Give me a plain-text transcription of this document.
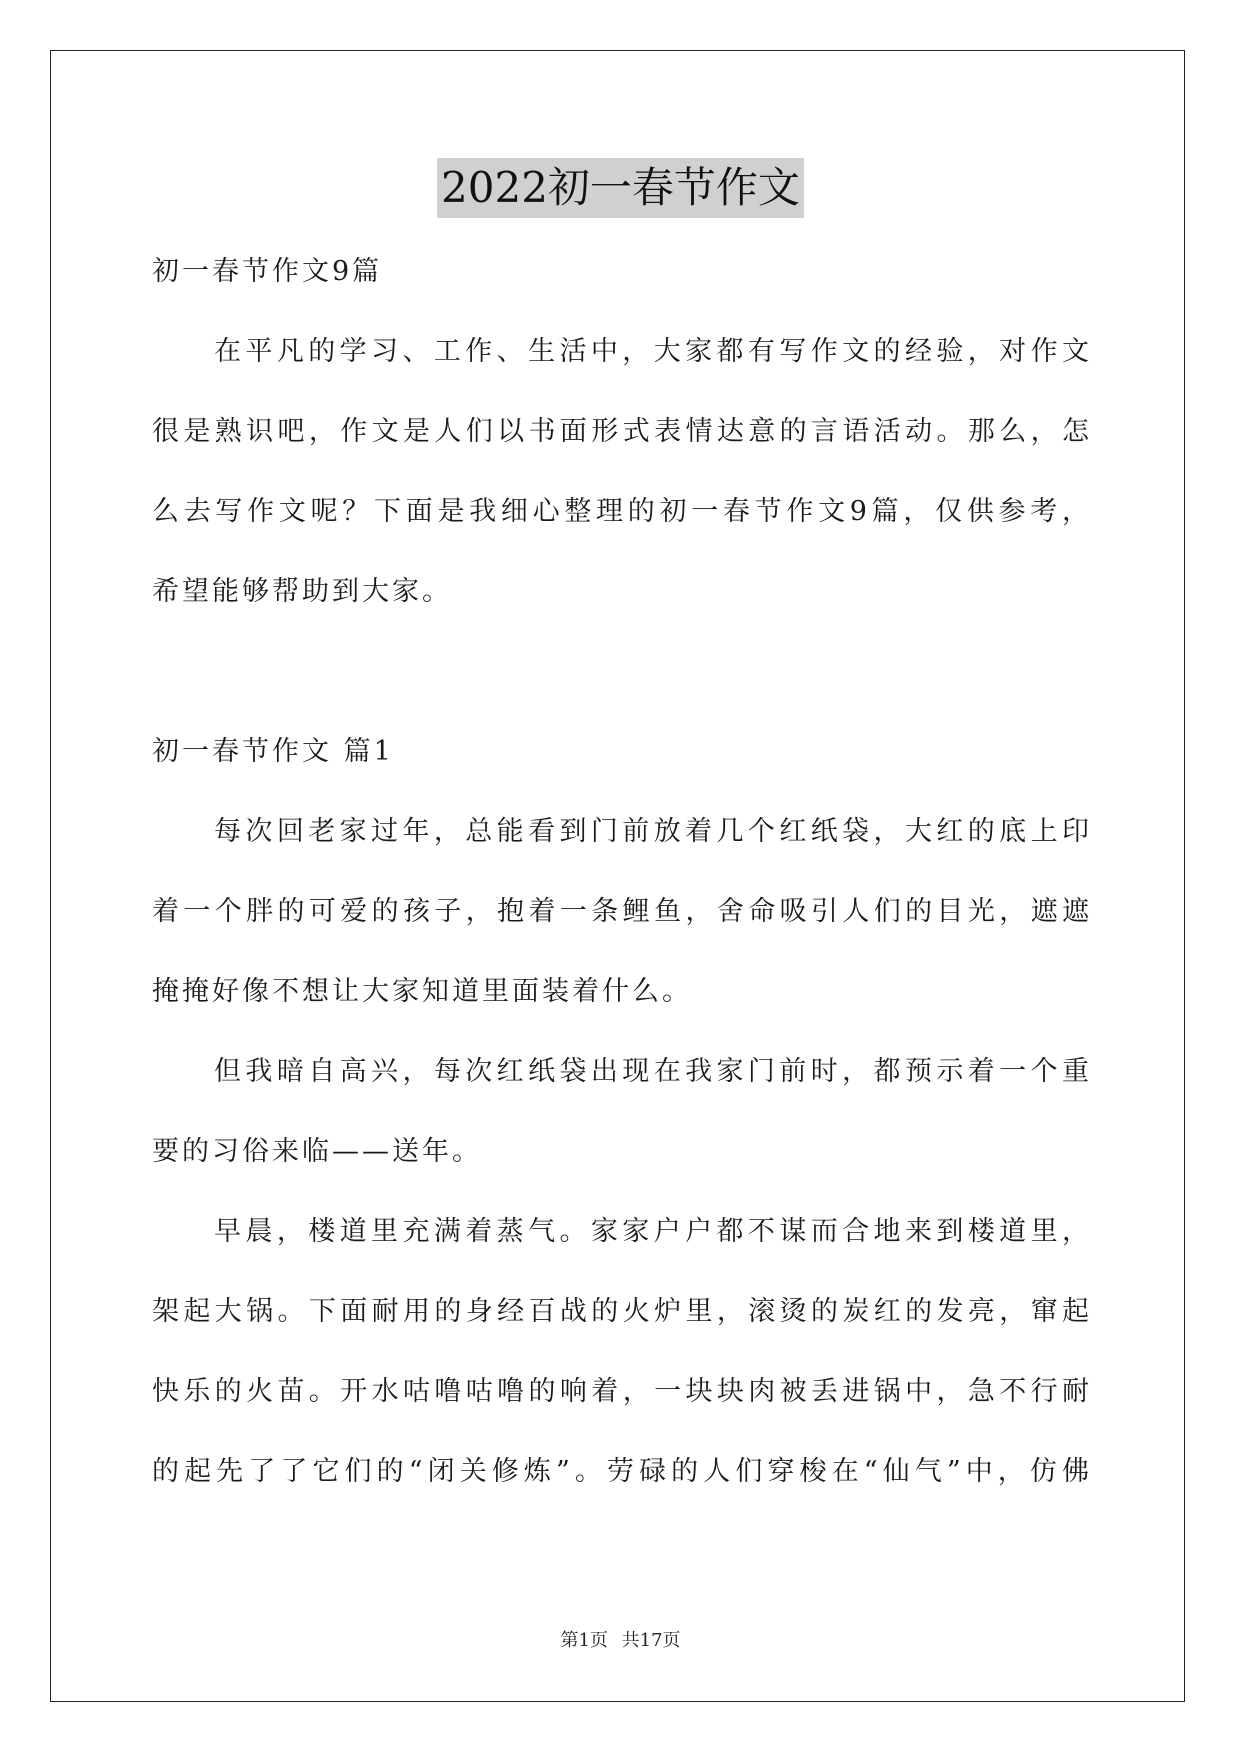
2022初一春节作文
初一春节作文9篇
在平凡的学习、工作、生活中，大家都有写作文的经验，对作文
很是熟识吧，作文是人们以书面形式表情达意的言语活动。那么，怎
么去写作文呢？下面是我细心整理的初一春节作文9篇，仅供参考，
希望能够帮助到大家。
初一春节作文 篇1
每次回老家过年，总能看到门前放着几个红纸袋，大红的底上印
着一个胖的可爱的孩子，抱着一条鲤鱼，舍命吸引人们的目光，遮遮
掩掩好像不想让大家知道里面装着什么。
但我暗自高兴，每次红纸袋出现在我家门前时，都预示着一个重
要的习俗来临——送年。
早晨，楼道里充满着蒸气。家家户户都不谋而合地来到楼道里，
架起大锅。下面耐用的身经百战的火炉里，滚烫的炭红的发亮，窜起
快乐的火苗。开水咕噜咕噜的响着，一块块肉被丢进锅中，急不行耐
的起先了了它们的“闭关修炼”。劳碌的人们穿梭在“仙气”中，仿佛
第1页 共17页
